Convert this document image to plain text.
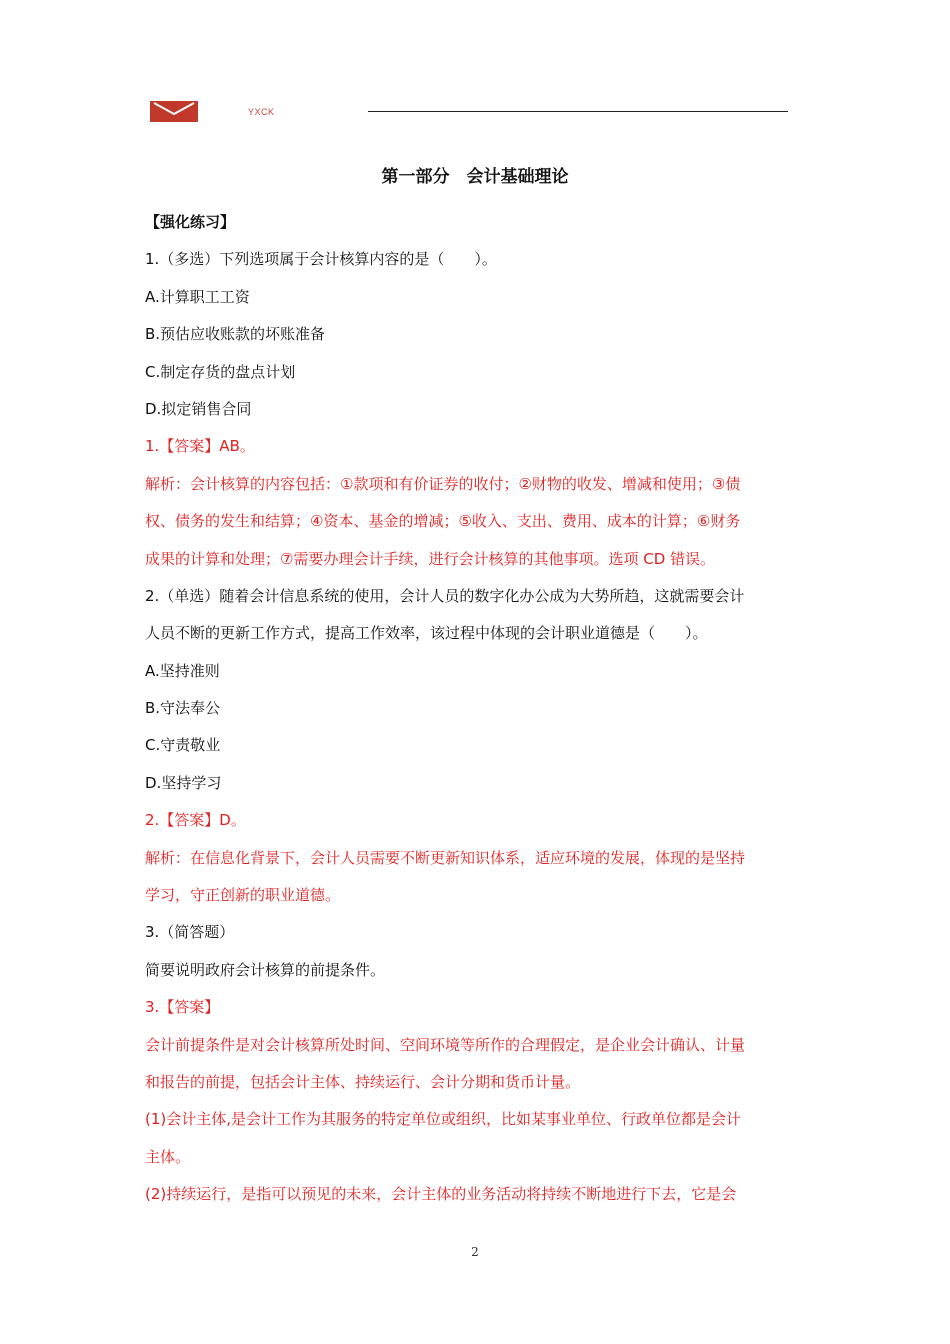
YXCK
第一部分　会计基础理论
【强化练习】
1.（多选）下列选项属于会计核算内容的是（　　）。
A.计算职工工资
B.预估应收账款的坏账准备
C.制定存货的盘点计划
D.拟定销售合同
1.【答案】AB。
解析：会计核算的内容包括：①款项和有价证券的收付；②财物的收发、增减和使用；③债
权、债务的发生和结算；④资本、基金的增减；⑤收入、支出、费用、成本的计算；⑥财务
成果的计算和处理；⑦需要办理会计手续，进行会计核算的其他事项。选项 CD 错误。
2.（单选）随着会计信息系统的使用，会计人员的数字化办公成为大势所趋，这就需要会计
人员不断的更新工作方式，提高工作效率，该过程中体现的会计职业道德是（　　）。
A.坚持准则
B.守法奉公
C.守责敬业
D.坚持学习
2.【答案】D。
解析：在信息化背景下，会计人员需要不断更新知识体系，适应环境的发展，体现的是坚持
学习，守正创新的职业道德。
3.（简答题）
简要说明政府会计核算的前提条件。
3.【答案】
会计前提条件是对会计核算所处时间、空间环境等所作的合理假定，是企业会计确认、计量
和报告的前提，包括会计主体、持续运行、会计分期和货币计量。
(1)会计主体,是会计工作为其服务的特定单位或组织，比如某事业单位、行政单位都是会计
主体。
(2)持续运行，是指可以预见的未来，会计主体的业务活动将持续不断地进行下去，它是会
2
